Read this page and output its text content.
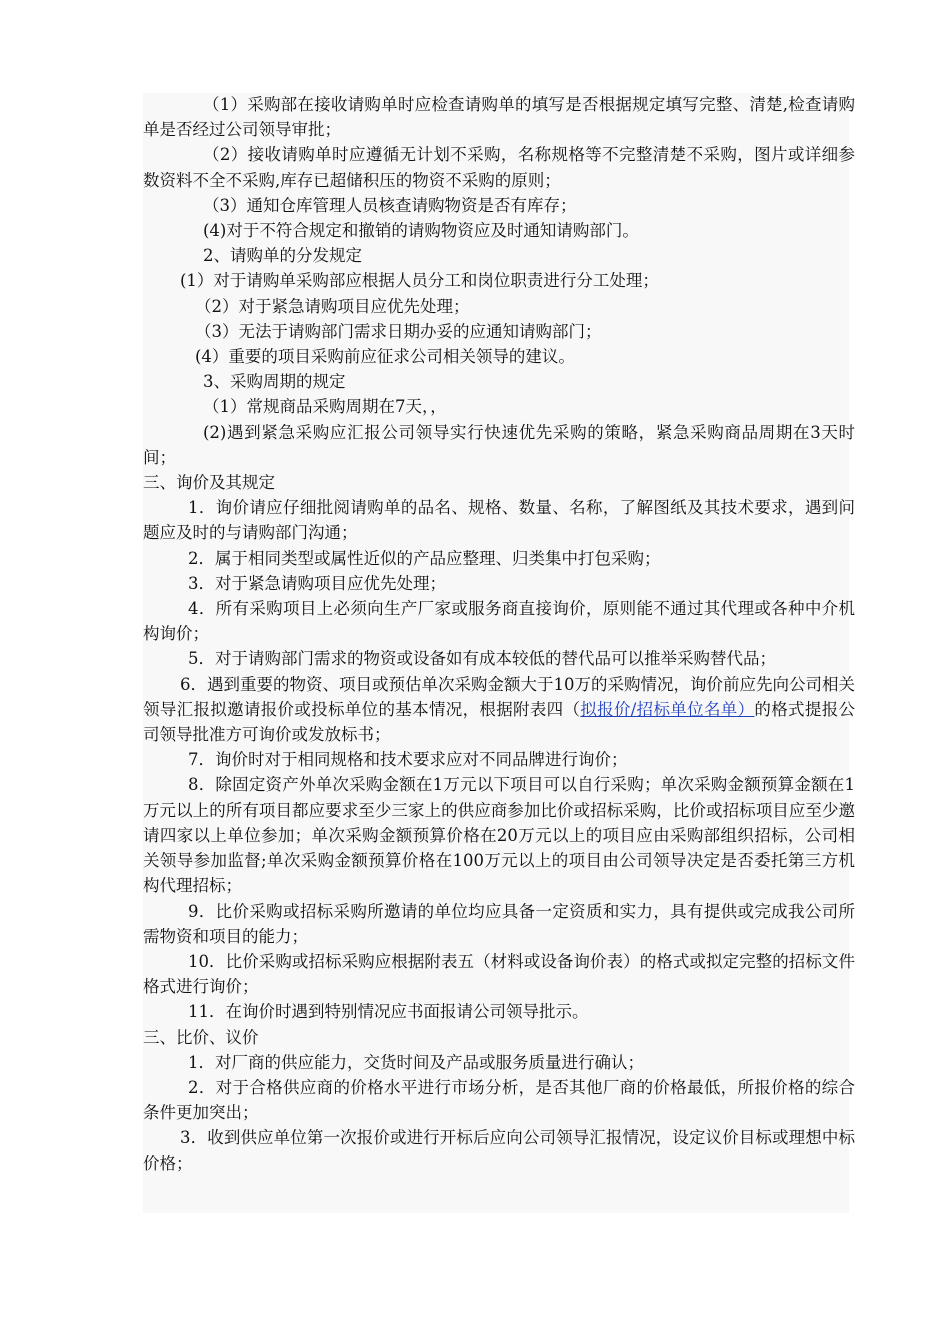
（1）采购部在接收请购单时应检查请购单的填写是否根据规定填写完整、清楚,检查请购单是否经过公司领导审批；

（2）接收请购单时应遵循无计划不采购，名称规格等不完整清楚不采购，图片或详细参数资料不全不采购,库存已超储积压的物资不采购的原则；

（3）通知仓库管理人员核查请购物资是否有库存；

(4)对于不符合规定和撤销的请购物资应及时通知请购部门。

2、请购单的分发规定

(1）对于请购单采购部应根据人员分工和岗位职责进行分工处理；

（2）对于紧急请购项目应优先处理；

（3）无法于请购部门需求日期办妥的应通知请购部门；

(4）重要的项目采购前应征求公司相关领导的建议。

3、采购周期的规定

（1）常规商品采购周期在7天，，

(2)遇到紧急采购应汇报公司领导实行快速优先采购的策略，紧急采购商品周期在3天时间；

三、询价及其规定

1．询价请应仔细批阅请购单的品名、规格、数量、名称，了解图纸及其技术要求，遇到问题应及时的与请购部门沟通；

2．属于相同类型或属性近似的产品应整理、归类集中打包采购；

3．对于紧急请购项目应优先处理；

4．所有采购项目上必须向生产厂家或服务商直接询价，原则能不通过其代理或各种中介机构询价；

5．对于请购部门需求的物资或设备如有成本较低的替代品可以推举采购替代品；

6．遇到重要的物资、项目或预估单次采购金额大于10万的采购情况，询价前应先向公司相关领导汇报拟邀请报价或投标单位的基本情况，根据附表四（拟报价/招标单位名单）的格式提报公司领导批准方可询价或发放标书；

7．询价时对于相同规格和技术要求应对不同品牌进行询价；

8．除固定资产外单次采购金额在1万元以下项目可以自行采购；单次采购金额预算金额在1万元以上的所有项目都应要求至少三家上的供应商参加比价或招标采购，比价或招标项目应至少邀请四家以上单位参加；单次采购金额预算价格在20万元以上的项目应由采购部组织招标，公司相关领导参加监督;单次采购金额预算价格在100万元以上的项目由公司领导决定是否委托第三方机构代理招标；

9．比价采购或招标采购所邀请的单位均应具备一定资质和实力，具有提供或完成我公司所需物资和项目的能力；

10．比价采购或招标采购应根据附表五（材料或设备询价表）的格式或拟定完整的招标文件格式进行询价；

11．在询价时遇到特别情况应书面报请公司领导批示。

三、比价、议价

1．对厂商的供应能力，交货时间及产品或服务质量进行确认；

2．对于合格供应商的价格水平进行市场分析，是否其他厂商的价格最低，所报价格的综合条件更加突出；

3．收到供应单位第一次报价或进行开标后应向公司领导汇报情况，设定议价目标或理想中标价格；
